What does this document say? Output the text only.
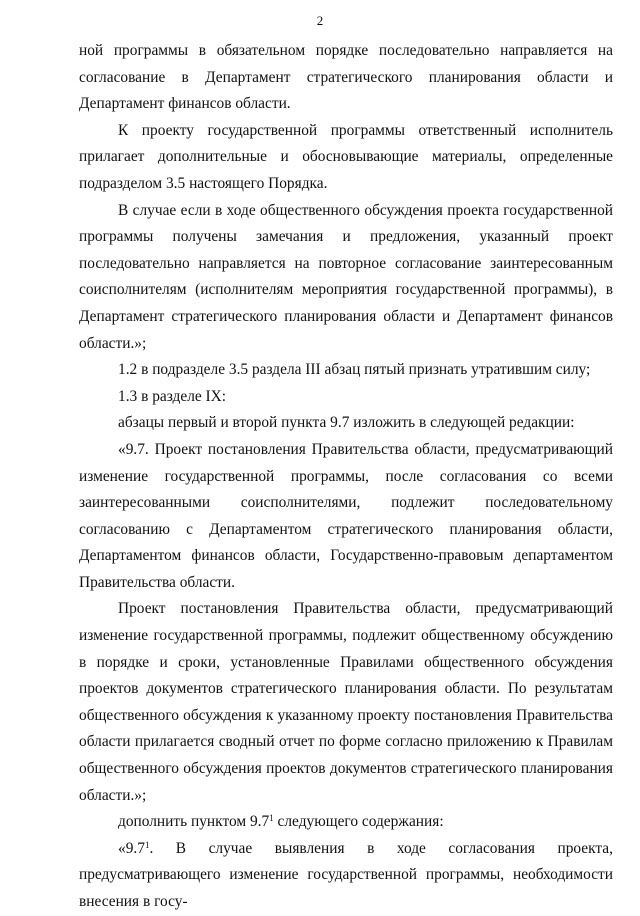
2

ной программы в обязательном порядке последовательно направляется на согласование в Департамент стратегического планирования области и Департамент финансов области.

К проекту государственной программы ответственный исполнитель прилагает дополнительные и обосновывающие материалы, определенные подразделом 3.5 настоящего Порядка.

В случае если в ходе общественного обсуждения проекта государственной программы получены замечания и предложения, указанный проект последовательно направляется на повторное согласование заинтересованным соисполнителям (исполнителям мероприятия государственной программы), в Департамент стратегического планирования области и Департамент финансов области.»;

1.2 в подразделе 3.5 раздела III абзац пятый признать утратившим силу;

1.3 в разделе IX:

абзацы первый и второй пункта 9.7 изложить в следующей редакции:

«9.7. Проект постановления Правительства области, предусматривающий изменение государственной программы, после согласования со всеми заинтересованными соисполнителями, подлежит последовательному согласованию с Департаментом стратегического планирования области, Департаментом финансов области, Государственно-правовым департаментом Правительства области.

Проект постановления Правительства области, предусматривающий изменение государственной программы, подлежит общественному обсуждению в порядке и сроки, установленные Правилами общественного обсуждения проектов документов стратегического планирования области. По результатам общественного обсуждения к указанному проекту постановления Правительства области прилагается сводный отчет по форме согласно приложению к Правилам общественного обсуждения проектов документов стратегического планирования области.»;

дополнить пунктом $9.7^1$ следующего содержания:

«$9.7^1$. В случае выявления в ходе согласования проекта, предусматривающего изменение государственной программы, необходимости внесения в госу-
